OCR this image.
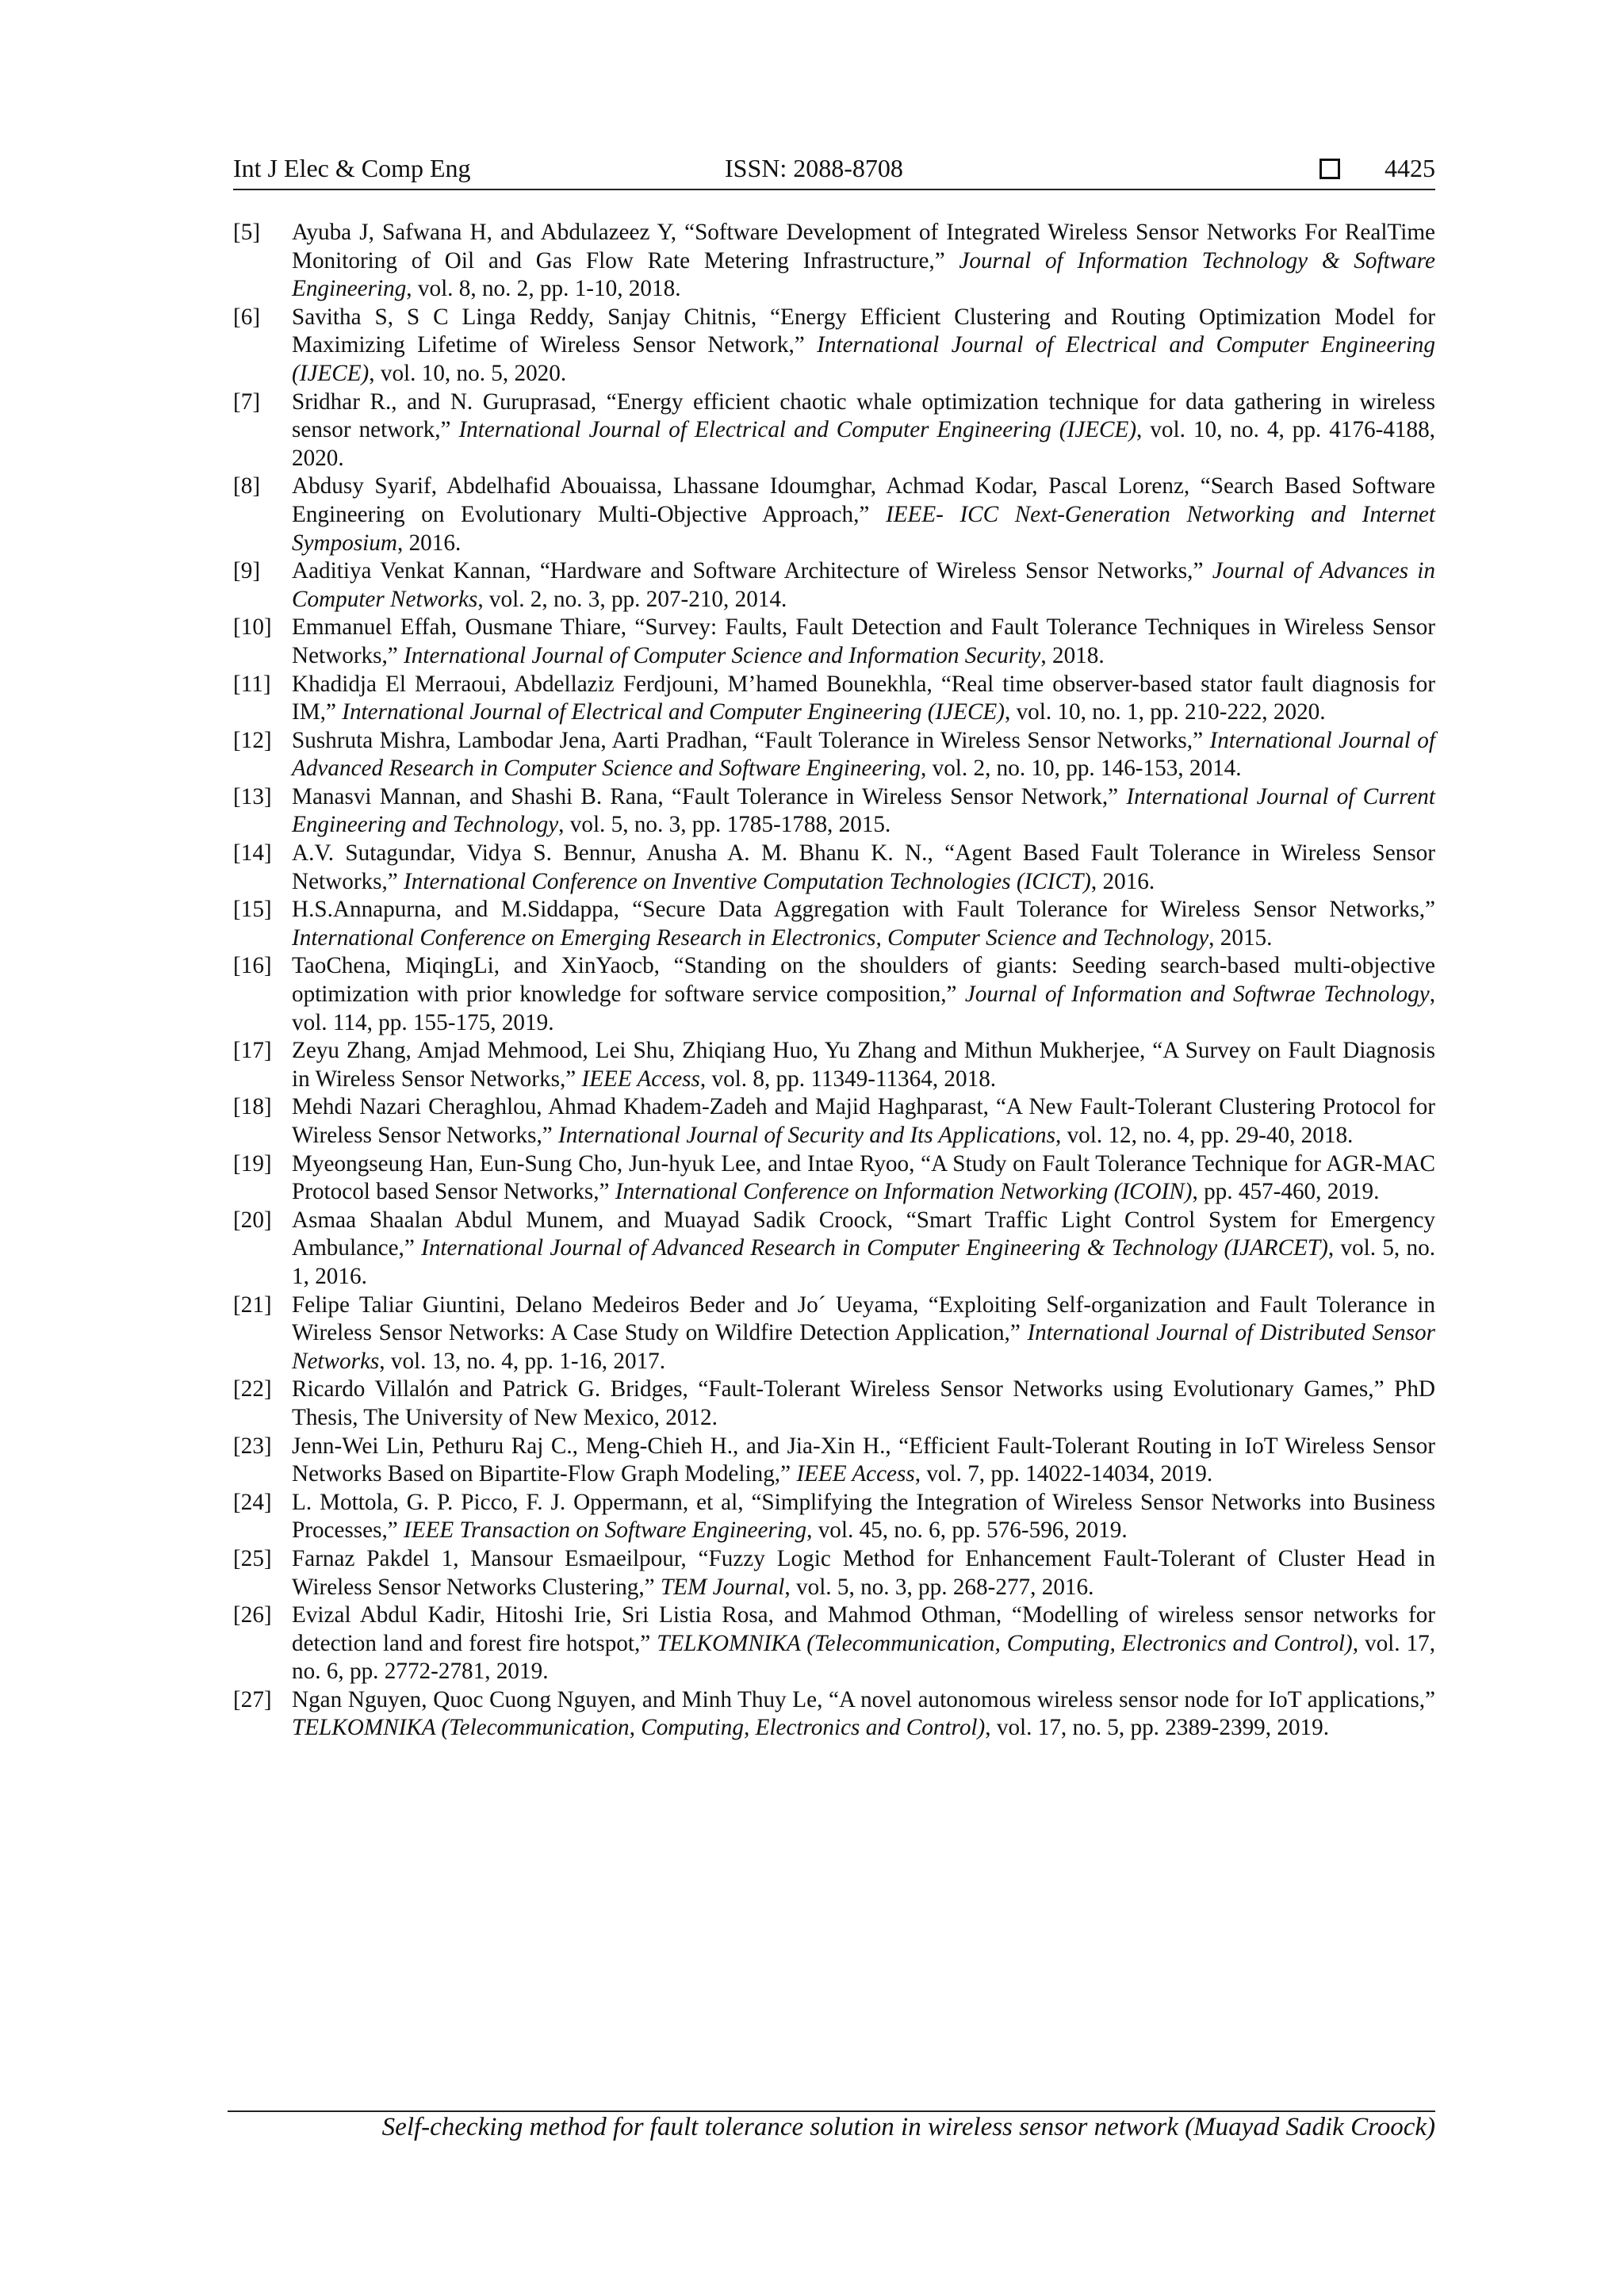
Int J Elec & Comp Eng	ISSN: 2088-8708	4425
[5] Ayuba J, Safwana H, and Abdulazeez Y, “Software Development of Integrated Wireless Sensor Networks For RealTime Monitoring of Oil and Gas Flow Rate Metering Infrastructure,” Journal of Information Technology & Software Engineering, vol. 8, no. 2, pp. 1-10, 2018.
[6] Savitha S, S C Linga Reddy, Sanjay Chitnis, “Energy Efficient Clustering and Routing Optimization Model for Maximizing Lifetime of Wireless Sensor Network,” International Journal of Electrical and Computer Engineering (IJECE), vol. 10, no. 5, 2020.
[7] Sridhar R., and N. Guruprasad, “Energy efficient chaotic whale optimization technique for data gathering in wireless sensor network,” International Journal of Electrical and Computer Engineering (IJECE), vol. 10, no. 4, pp. 4176-4188, 2020.
[8] Abdusy Syarif, Abdelhafid Abouaissa, Lhassane Idoumghar, Achmad Kodar, Pascal Lorenz, “Search Based Software Engineering on Evolutionary Multi-Objective Approach,” IEEE- ICC Next-Generation Networking and Internet Symposium, 2016.
[9] Aaditiya Venkat Kannan, “Hardware and Software Architecture of Wireless Sensor Networks,” Journal of Advances in Computer Networks, vol. 2, no. 3, pp. 207-210, 2014.
[10] Emmanuel Effah, Ousmane Thiare, “Survey: Faults, Fault Detection and Fault Tolerance Techniques in Wireless Sensor Networks,” International Journal of Computer Science and Information Security, 2018.
[11] Khadidja El Merraoui, Abdellaziz Ferdjouni, M’hamed Bounekhla, “Real time observer-based stator fault diagnosis for IM,” International Journal of Electrical and Computer Engineering (IJECE), vol. 10, no. 1, pp. 210-222, 2020.
[12] Sushruta Mishra, Lambodar Jena, Aarti Pradhan, “Fault Tolerance in Wireless Sensor Networks,” International Journal of Advanced Research in Computer Science and Software Engineering, vol. 2, no. 10, pp. 146-153, 2014.
[13] Manasvi Mannan, and Shashi B. Rana, “Fault Tolerance in Wireless Sensor Network,” International Journal of Current Engineering and Technology, vol. 5, no. 3, pp. 1785-1788, 2015.
[14] A.V. Sutagundar, Vidya S. Bennur, Anusha A. M. Bhanu K. N., “Agent Based Fault Tolerance in Wireless Sensor Networks,” International Conference on Inventive Computation Technologies (ICICT), 2016.
[15] H.S.Annapurna, and M.Siddappa, “Secure Data Aggregation with Fault Tolerance for Wireless Sensor Networks,” International Conference on Emerging Research in Electronics, Computer Science and Technology, 2015.
[16] TaoChena, MiqingLi, and XinYaocb, “Standing on the shoulders of giants: Seeding search-based multi-objective optimization with prior knowledge for software service composition,” Journal of Information and Softwrae Technology, vol. 114, pp. 155-175, 2019.
[17] Zeyu Zhang, Amjad Mehmood, Lei Shu, Zhiqiang Huo, Yu Zhang and Mithun Mukherjee, “A Survey on Fault Diagnosis in Wireless Sensor Networks,” IEEE Access, vol. 8, pp. 11349-11364, 2018.
[18] Mehdi Nazari Cheraghlou, Ahmad Khadem-Zadeh and Majid Haghparast, “A New Fault-Tolerant Clustering Protocol for Wireless Sensor Networks,” International Journal of Security and Its Applications, vol. 12, no. 4, pp. 29-40, 2018.
[19] Myeongseung Han, Eun-Sung Cho, Jun-hyuk Lee, and Intae Ryoo, “A Study on Fault Tolerance Technique for AGR-MAC Protocol based Sensor Networks,” International Conference on Information Networking (ICOIN), pp. 457-460, 2019.
[20] Asmaa Shaalan Abdul Munem, and Muayad Sadik Croock, “Smart Traffic Light Control System for Emergency Ambulance,” International Journal of Advanced Research in Computer Engineering & Technology (IJARCET), vol. 5, no. 1, 2016.
[21] Felipe Taliar Giuntini, Delano Medeiros Beder and Jo´ Ueyama, “Exploiting Self-organization and Fault Tolerance in Wireless Sensor Networks: A Case Study on Wildfire Detection Application,” International Journal of Distributed Sensor Networks, vol. 13, no. 4, pp. 1-16, 2017.
[22] Ricardo Villalón and Patrick G. Bridges, “Fault-Tolerant Wireless Sensor Networks using Evolutionary Games,” PhD Thesis, The University of New Mexico, 2012.
[23] Jenn-Wei Lin, Pethuru Raj C., Meng-Chieh H., and Jia-Xin H., “Efficient Fault-Tolerant Routing in IoT Wireless Sensor Networks Based on Bipartite-Flow Graph Modeling,” IEEE Access, vol. 7, pp. 14022-14034, 2019.
[24] L. Mottola, G. P. Picco, F. J. Oppermann, et al, “Simplifying the Integration of Wireless Sensor Networks into Business Processes,” IEEE Transaction on Software Engineering, vol. 45, no. 6, pp. 576-596, 2019.
[25] Farnaz Pakdel 1, Mansour Esmaeilpour, “Fuzzy Logic Method for Enhancement Fault-Tolerant of Cluster Head in Wireless Sensor Networks Clustering,” TEM Journal, vol. 5, no. 3, pp. 268-277, 2016.
[26] Evizal Abdul Kadir, Hitoshi Irie, Sri Listia Rosa, and Mahmod Othman, “Modelling of wireless sensor networks for detection land and forest fire hotspot,” TELKOMNIKA (Telecommunication, Computing, Electronics and Control), vol. 17, no. 6, pp. 2772-2781, 2019.
[27] Ngan Nguyen, Quoc Cuong Nguyen, and Minh Thuy Le, “A novel autonomous wireless sensor node for IoT applications,” TELKOMNIKA (Telecommunication, Computing, Electronics and Control), vol. 17, no. 5, pp. 2389-2399, 2019.
Self-checking method for fault tolerance solution in wireless sensor network (Muayad Sadik Croock)
